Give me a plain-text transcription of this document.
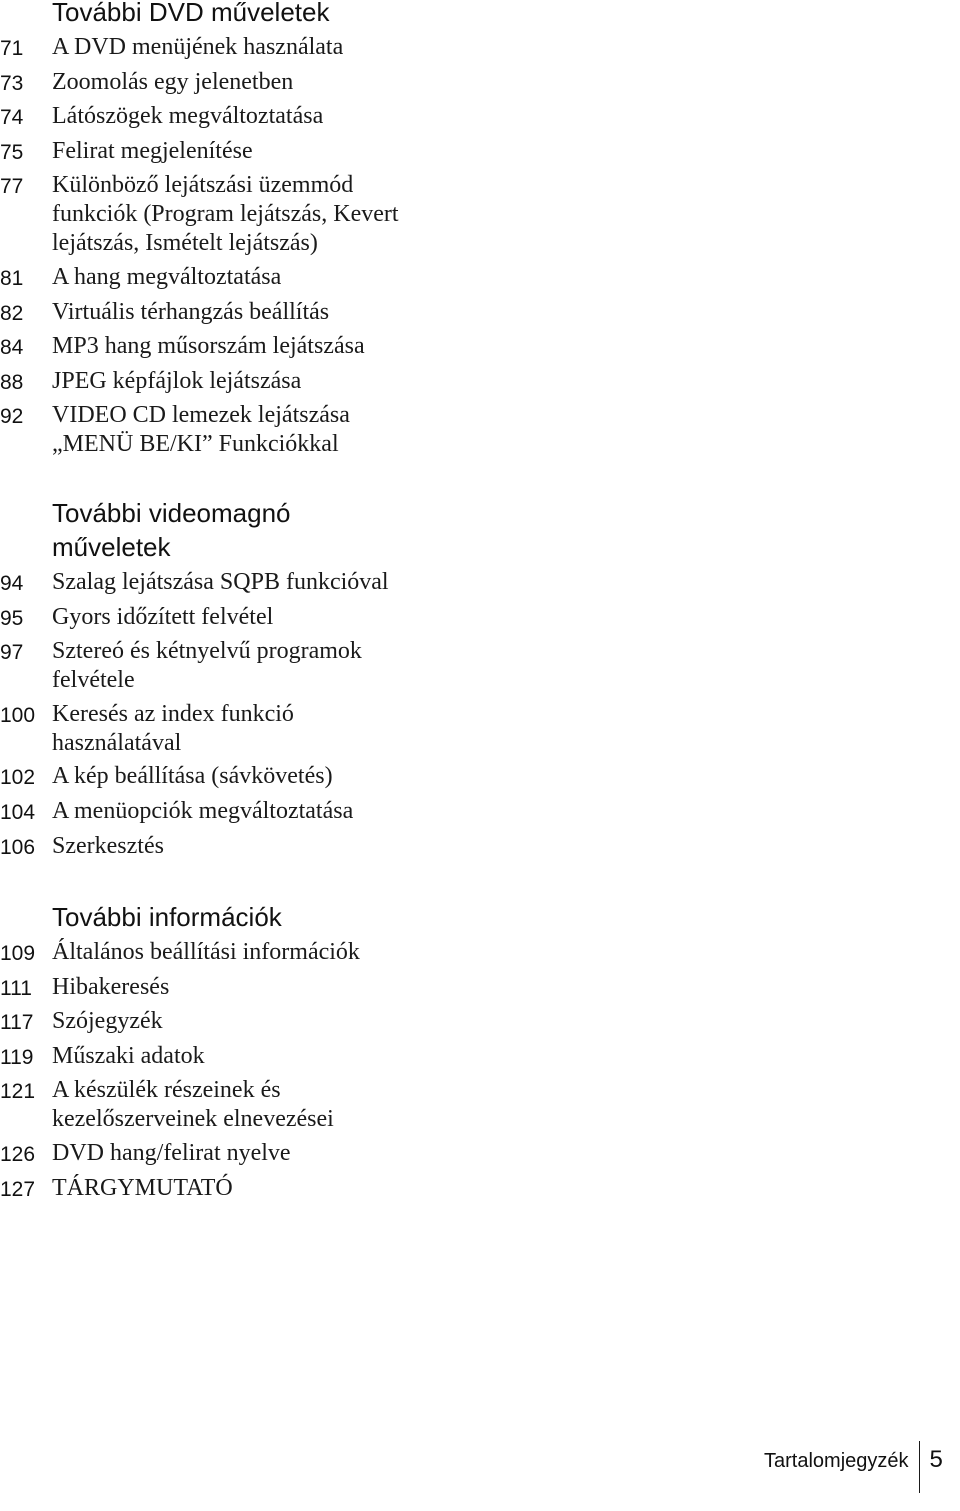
További DVD műveletek
71	A DVD menüjének használata
73	Zoomolás egy jelenetben
74	Látószögek megváltoztatása
75	Felirat megjelenítése
77	Különböző lejátszási üzemmód funkciók (Program lejátszás, Kevert lejátszás, Ismételt lejátszás)
81	A hang megváltoztatása
82	Virtuális térhangzás beállítás
84	MP3 hang műsorszám lejátszása
88	JPEG képfájlok lejátszása
92	VIDEO CD lemezek lejátszása „MENÜ BE/KI” Funkciókkal
További videomagnó műveletek
94	Szalag lejátszása SQPB funkcióval
95	Gyors időzített felvétel
97	Sztereó és kétnyelvű programok felvétele
100 Keresés az index funkció használatával
102 A kép beállítása (sávkövetés)
104 A menüopciók megváltoztatása
106 Szerkesztés
További információk
109 Általános beállítási információk
111 Hibakeresés
117 Szójegyzék
119 Műszaki adatok
121 A készülék részeinek és kezelőszerveinek elnevezései
126 DVD hang/felirat nyelve
127 TÁRGYMUTATÓ
Tartalomjegyzék 5
